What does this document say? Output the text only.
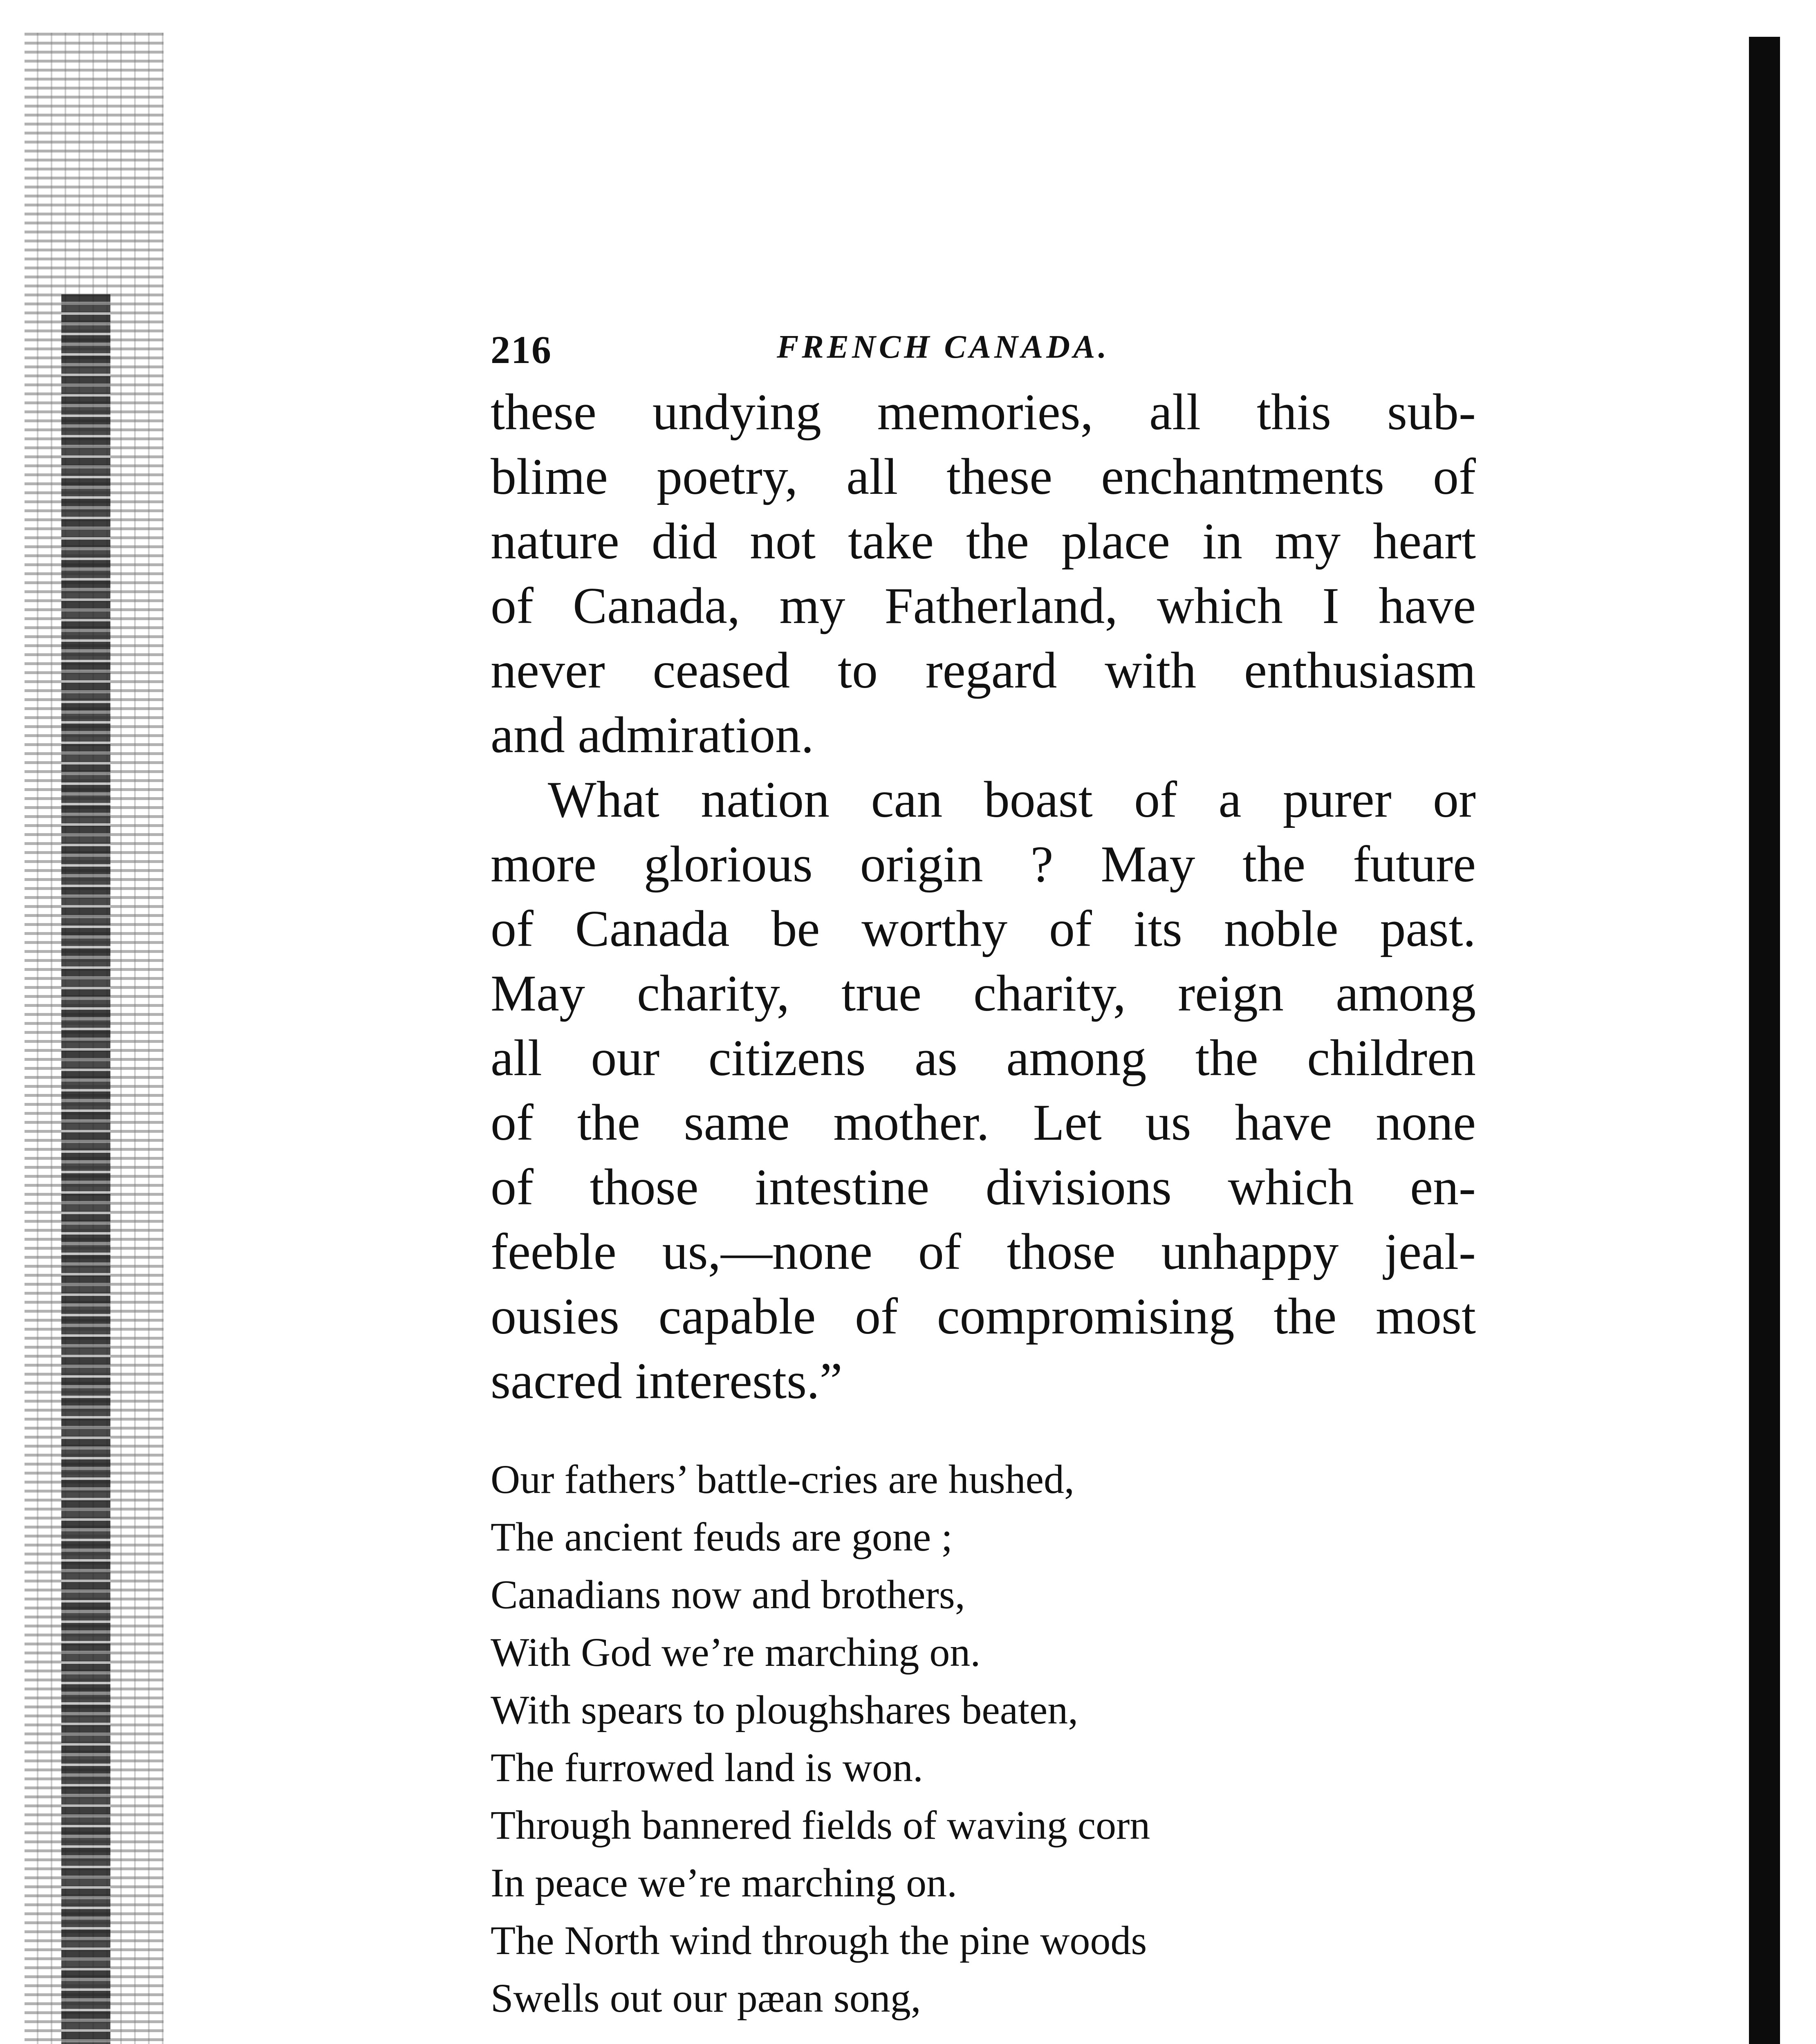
216	FRENCH CANADA.

these undying memories, all this sub-
blime poetry, all these enchantments of
nature did not take the place in my heart
of Canada, my Fatherland, which I have
never ceased to regard with enthusiasm
and admiration.

What nation can boast of a purer or
more glorious origin ? May the future
of Canada be worthy of its noble past.
May charity, true charity, reign among
all our citizens as among the children
of the same mother. Let us have none
of those intestine divisions which en-
feeble us,—none of those unhappy jeal-
ousies capable of compromising the most
sacred interests.”

Our fathers’ battle-cries are hushed,
The ancient feuds are gone ;
Canadians now and brothers,
With God we’re marching on.
With spears to ploughshares beaten,
The furrowed land is won.
Through bannered fields of waving corn
In peace we’re marching on.
The North wind through the pine woods
Swells out our pæan song,
